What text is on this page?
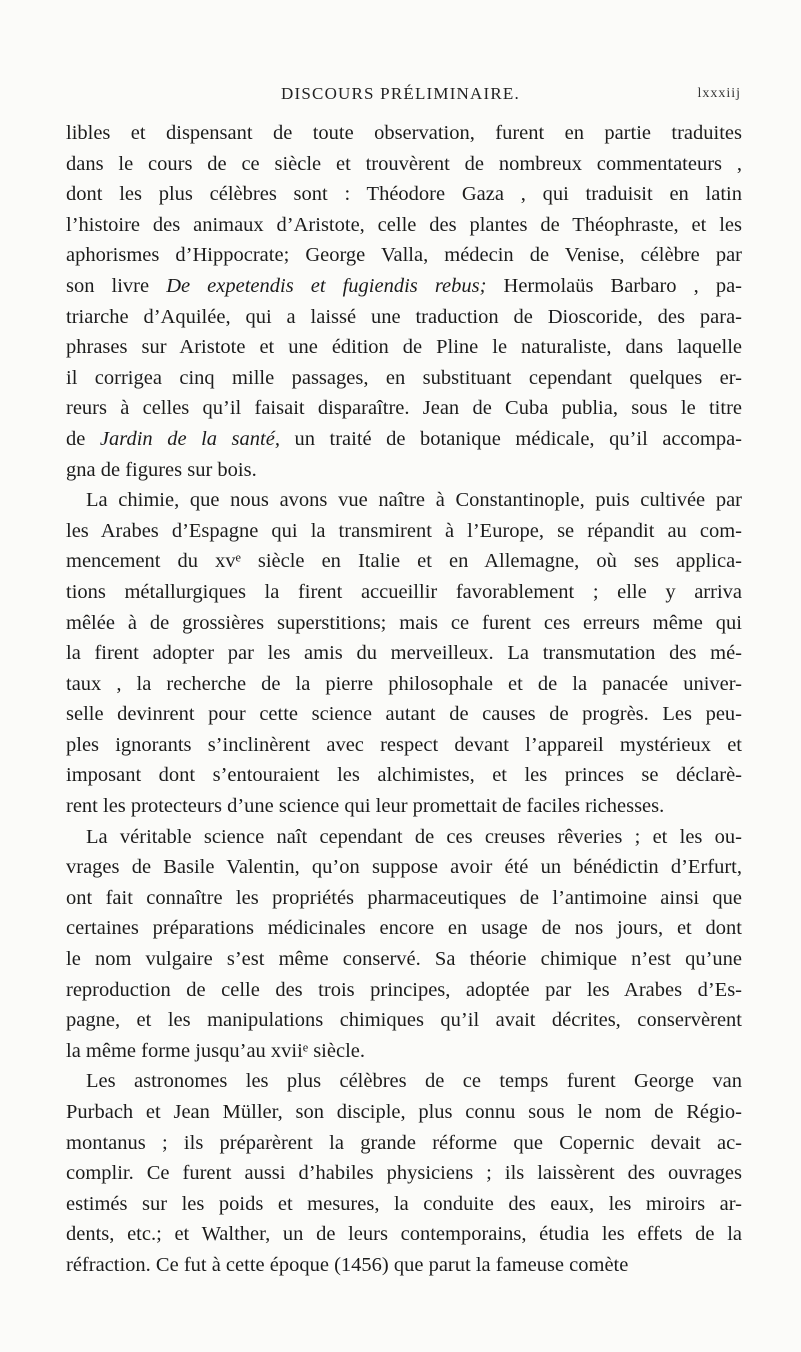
DISCOURS PRÉLIMINAIRE.	lxxxiij
libles et dispensant de toute observation, furent en partie traduites
dans le cours de ce siècle et trouvèrent de nombreux commentateurs ,
dont les plus célèbres sont : Théodore Gaza , qui traduisit en latin
l’histoire des animaux d’Aristote, celle des plantes de Théophraste, et les
aphorismes d’Hippocrate; George Valla, médecin de Venise, célèbre par
son livre De expetendis et fugiendis rebus; Hermolaüs Barbaro , pa-
triarche d’Aquilée, qui a laissé une traduction de Dioscoride, des para-
phrases sur Aristote et une édition de Pline le naturaliste, dans laquelle
il corrigea cinq mille passages, en substituant cependant quelques er-
reurs à celles qu’il faisait disparaître. Jean de Cuba publia, sous le titre
de Jardin de la santé, un traité de botanique médicale, qu’il accompa-
gna de figures sur bois.
La chimie, que nous avons vue naître à Constantinople, puis cultivée par
les Arabes d’Espagne qui la transmirent à l’Europe, se répandit au com-
mencement du xvᵉ siècle en Italie et en Allemagne, où ses applica-
tions métallurgiques la firent accueillir favorablement ; elle y arriva
mêlée à de grossières superstitions; mais ce furent ces erreurs même qui
la firent adopter par les amis du merveilleux. La transmutation des mé-
taux , la recherche de la pierre philosophale et de la panacée univer-
selle devinrent pour cette science autant de causes de progrès. Les peu-
ples ignorants s’inclinèrent avec respect devant l’appareil mystérieux et
imposant dont s’entouraient les alchimistes, et les princes se déclarè-
rent les protecteurs d’une science qui leur promettait de faciles richesses.
La véritable science naît cependant de ces creuses rêveries ; et les ou-
vrages de Basile Valentin, qu’on suppose avoir été un bénédictin d’Erfurt,
ont fait connaître les propriétés pharmaceutiques de l’antimoine ainsi que
certaines préparations médicinales encore en usage de nos jours, et dont
le nom vulgaire s’est même conservé. Sa théorie chimique n’est qu’une
reproduction de celle des trois principes, adoptée par les Arabes d’Es-
pagne, et les manipulations chimiques qu’il avait décrites, conservèrent
la même forme jusqu’au xviiᵉ siècle.
Les astronomes les plus célèbres de ce temps furent George van
Purbach et Jean Müller, son disciple, plus connu sous le nom de Régio-
montanus ; ils préparèrent la grande réforme que Copernic devait ac-
complir. Ce furent aussi d’habiles physiciens ; ils laissèrent des ouvrages
estimés sur les poids et mesures, la conduite des eaux, les miroirs ar-
dents, etc.; et Walther, un de leurs contemporains, étudia les effets de la
réfraction. Ce fut à cette époque (1456) que parut la fameuse comète
